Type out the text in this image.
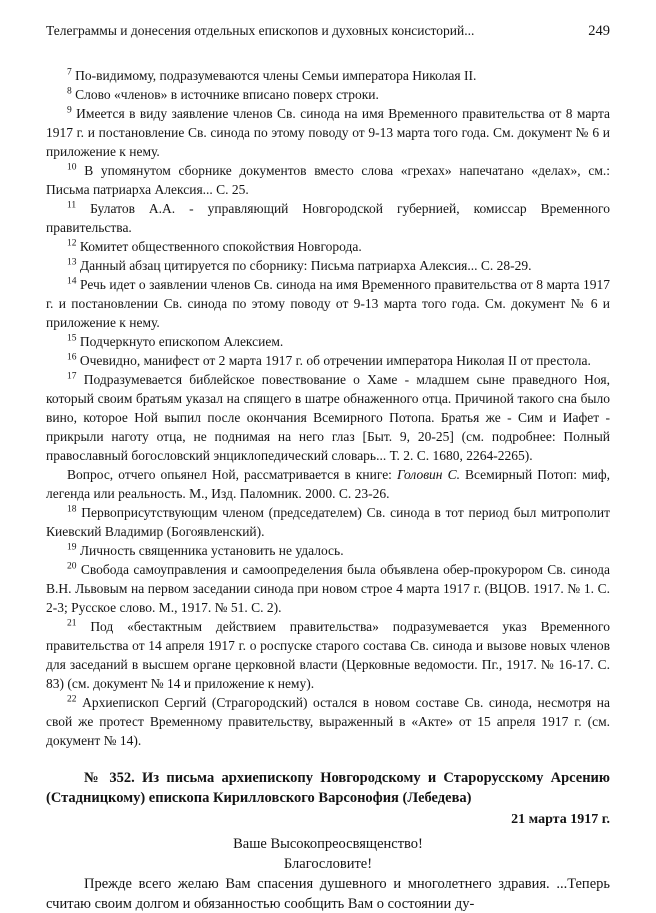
Телеграммы и донесения отдельных епископов и духовных консисторий...	249

$^7$ По-видимому, подразумеваются члены Семьи императора Николая II.

$^8$ Слово «членов» в источнике вписано поверх строки.

$^9$ Имеется в виду заявление членов Св. синода на имя Временного правительства от 8 марта 1917 г. и постановление Св. синода по этому поводу от 9-13 марта того года. См. документ № 6 и приложение к нему.

$^{10}$ В упомянутом сборнике документов вместо слова «грехах» напечатано «делах», см.: Письма патриарха Алексия... С. 25.

$^{11}$ Булатов А.А. - управляющий Новгородской губернией, комиссар Временного правительства.

$^{12}$ Комитет общественного спокойствия Новгорода.

$^{13}$ Данный абзац цитируется по сборнику: Письма патриарха Алексия... С. 28-29.

$^{14}$ Речь идет о заявлении членов Св. синода на имя Временного правительства от 8 марта 1917 г. и постановлении Св. синода по этому поводу от 9-13 марта того года. См. документ № 6 и приложение к нему.

$^{15}$ Подчеркнуто епископом Алексием.

$^{16}$ Очевидно, манифест от 2 марта 1917 г. об отречении императора Николая II от престола.

$^{17}$ Подразумевается библейское повествование о Хаме - младшем сыне праведного Ноя, который своим братьям указал на спящего в шатре обнаженного отца. Причиной такого сна было вино, которое Ной выпил после окончания Всемирного Потопа. Братья же - Сим и Иафет - прикрыли наготу отца, не поднимая на него глаз [Быт. 9, 20-25] (см. подробнее: Полный православный богословский энциклопедический словарь... Т. 2. С. 1680, 2264-2265).

Вопрос, отчего опьянел Ной, рассматривается в книге: Головин С. Всемирный Потоп: миф, легенда или реальность. М., Изд. Паломник. 2000. С. 23-26.

$^{18}$ Первоприсутствующим членом (председателем) Св. синода в тот период был митрополит Киевский Владимир (Богоявленский).

$^{19}$ Личность священника установить не удалось.

$^{20}$ Свобода самоуправления и самоопределения была объявлена обер-прокурором Св. синода В.Н. Львовым на первом заседании синода при новом строе 4 марта 1917 г. (ВЦОВ. 1917. № 1. С. 2-3; Русское слово. М., 1917. № 51. С. 2).

$^{21}$ Под «бестактным действием правительства» подразумевается указ Временного правительства от 14 апреля 1917 г. о роспуске старого состава Св. синода и вызове новых членов для заседаний в высшем органе церковной власти (Церковные ведомости. Пг., 1917. № 16-17. С. 83) (см. документ № 14 и приложение к нему).

$^{22}$ Архиепископ Сергий (Страгородский) остался в новом составе Св. синода, несмотря на свой же протест Временному правительству, выраженный в «Акте» от 15 апреля 1917 г. (см. документ № 14).

№ 352. Из письма архиепископу Новгородскому и Старорусскому Арсению (Стадницкому) епископа Кирилловского Варсонофия (Лебедева)

21 марта 1917 г.

Ваше Высокопреосвященство!

Благословите!

Прежде всего желаю Вам спасения душевного и многолетнего здравия. ...Теперь считаю своим долгом и обязанностью сообщить Вам о состоянии ду-
